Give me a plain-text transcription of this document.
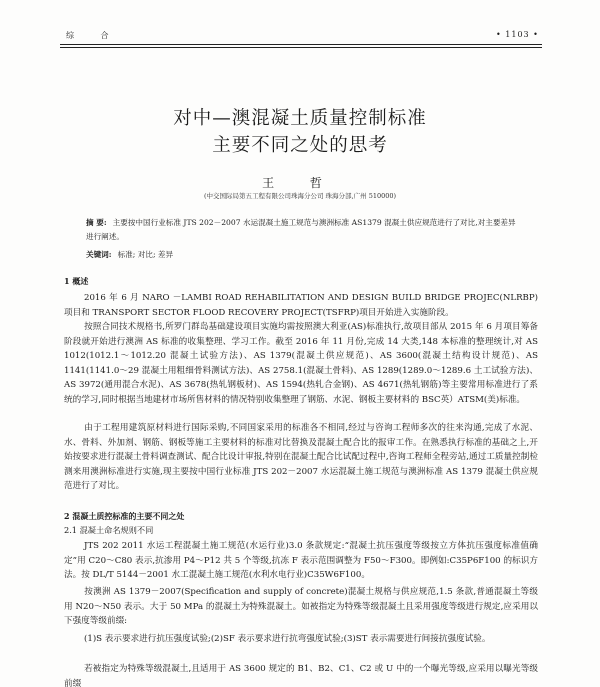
综 合	• 1103 •
对中—澳混凝土质量控制标准
主要不同之处的思考
王 哲
(中交国际局第五工程有限公司珠海分公司 珠海分部,广州 510000)
摘 要: 主要按中国行业标准 JTS 202－2007 水运混凝土施工规范与澳洲标准 AS1379 混凝土供应规范进行了对比,对主要差异进行阐述。
关键词: 标准; 对比; 差异
1 概述
2016 年 6 月 NARO －LAMBI ROAD REHABILITATION AND DESIGN BUILD BRIDGE PROJEC(NLRBP)项目和 TRANSPORT SECTOR FLOOD RECOVERY PROJECT(TSFRP)项目开始进入实施阶段。
按照合同技术规格书,所罗门群岛基础建设项目实施均需按照澳大利亚(AS)标准执行,故项目部从 2015 年 6 月项目筹备阶段就开始进行澳洲 AS 标准的收集整理、学习工作。截至 2016 年 11 月份,完成 14 大类,148 本标准的整理统计,对 AS 1012(1012.1～1012.20 混凝土试验方法)、AS 1379(混凝土供应规范)、AS 3600(混凝土结构设计规范)、AS 1141(1141.0～29 混凝土用粗细骨料测试方法)、AS 2758.1(混凝土骨料)、AS 1289(1289.0～1289.6 土工试验方法)、AS 3972(通用混合水泥)、AS 3678(热轧钢板材)、AS 1594(热轧合金钢)、AS 4671(热轧钢筋)等主要常用标准进行了系统的学习,同时根据当地建材市场所售材料的情况特别收集整理了钢筋、水泥、钢板主要材料的 BSC英）ATSM(美)标准。
由于工程用建筑原材料进行国际采购,不同国家采用的标准各不相同,经过与咨询工程师多次的往来沟通,完成了水泥、水、骨料、外加剂、钢筋、钢板等施工主要材料的标准对比替换及混凝土配合比的报审工作。在熟悉执行标准的基础之上,开始按要求进行混凝土骨料调查测试、配合比设计审报,特别在混凝土配合比试配过程中,咨询工程师全程旁站,通过工质量控制检测来用澳洲标准进行实施,现主要按中国行业标准 JTS 202－2007 水运混凝土施工规范与澳洲标准 AS 1379 混凝土供应规范进行了对比。
2 混凝土质控标准的主要不同之处
2.1 混凝土命名规则不同
JTS 202 2011 水运工程混凝土施工规范(水运行业)3.0 条款规定:“混凝土抗压强度等级按立方体抗压强度标准值确定”用 C20～C80 表示,抗渗用 P4～P12 共 5 个等级,抗冻 F 表示范围调整为 F50～F300。即例如:C35P6F100 的标识方法。按 DL/T 5144－2001 水工混凝土施工规范(水利水电行业)C35W6F100。
按澳洲 AS 1379－2007(Specification and supply of concrete)混凝土规格与供应规范,1.5 条款,普通混凝土等级用 N20～N50 表示。大于 50 MPa 的混凝土为特殊混凝土。如被指定为特殊等级混凝土且采用强度等级进行规定,应采用以下强度等级前缀:
(1)S 表示要求进行抗压强度试验;(2)SF 表示要求进行抗弯强度试验;(3)ST 表示需要进行间接抗强度试验。
若被指定为特殊等级混凝土,且适用于 AS 3600 规定的 B1、B2、C1、C2 或 U 中的一个曝光等级,应采用以曝光等级前缀
